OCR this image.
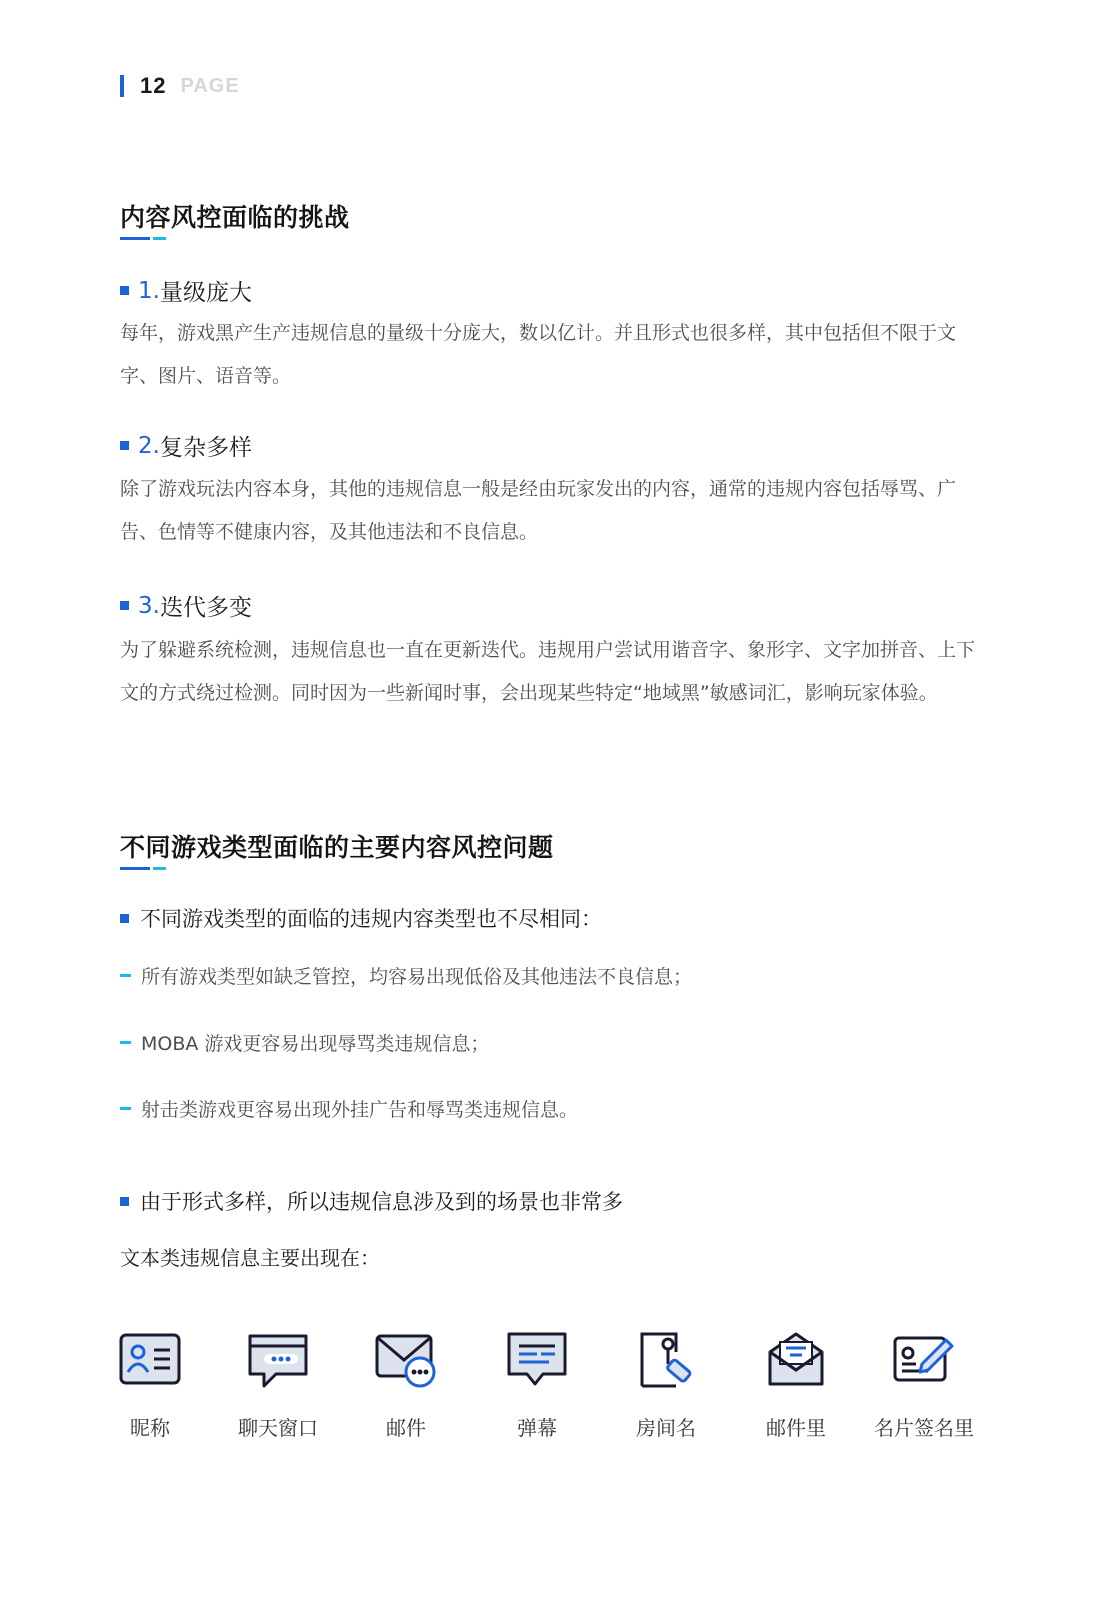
12 PAGE
内容风控面临的挑战
1. 量级庞大
每年，游戏黑产生产违规信息的量级十分庞大，数以亿计。并且形式也很多样，其中包括但不限于文字、图片、语音等。
2. 复杂多样
除了游戏玩法内容本身，其他的违规信息一般是经由玩家发出的内容，通常的违规内容包括辱骂、广告、色情等不健康内容，及其他违法和不良信息。
3. 迭代多变
为了躲避系统检测，违规信息也一直在更新迭代。违规用户尝试用谐音字、象形字、文字加拼音、上下文的方式绕过检测。同时因为一些新闻时事，会出现某些特定“地域黑”敏感词汇，影响玩家体验。
不同游戏类型面临的主要内容风控问题
不同游戏类型的面临的违规内容类型也不尽相同：
所有游戏类型如缺乏管控，均容易出现低俗及其他违法不良信息；
MOBA 游戏更容易出现辱骂类违规信息；
射击类游戏更容易出现外挂广告和辱骂类违规信息。
由于形式多样，所以违规信息涉及到的场景也非常多
文本类违规信息主要出现在：
昵称	聊天窗口	邮件	弹幕	房间名	邮件里	名片签名里
